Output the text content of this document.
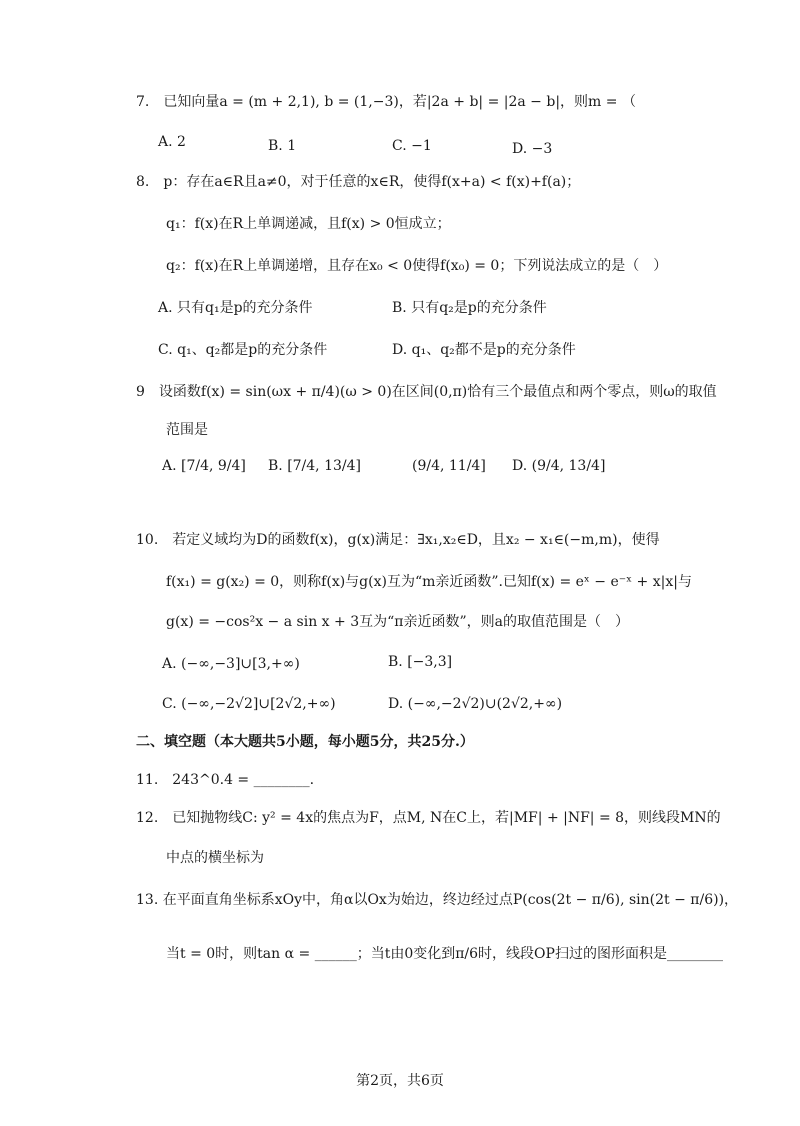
7.　已知向量a = (m + 2,1), b = (1,−3)，若|2a + b| = |2a − b|，则m = （
A. 2	B. 1	C. −1	D. −3
8.　p：存在a∈R且a≠0，对于任意的x∈R，使得f(x+a) < f(x)+f(a)；
q₁：f(x)在R上单调递减，且f(x) > 0恒成立；
q₂：f(x)在R上单调递增，且存在x₀ < 0使得f(x₀) = 0；下列说法成立的是（　）
A. 只有q₁是p的充分条件	B. 只有q₂是p的充分条件
C. q₁、q₂都是p的充分条件	D. q₁、q₂都不是p的充分条件
9　设函数f(x) = sin(ωx + π/4)(ω > 0)在区间(0,π)恰有三个最值点和两个零点，则ω的取值
范围是
A. [7/4, 9/4] B. [7/4, 13/4]	(9/4, 11/4] D. (9/4, 13/4]
10.　若定义域均为D的函数f(x)，g(x)满足：∃x₁,x₂∈D，且x₂ − x₁∈(−m,m)，使得
f(x₁) = g(x₂) = 0，则称f(x)与g(x)互为“m亲近函数”.已知f(x) = eˣ − e⁻ˣ + x|x|与
g(x) = −cos²x − a sin x + 3互为“π亲近函数”，则a的取值范围是（　）
A. (−∞,−3]∪[3,+∞)	B. [−3,3]
C. (−∞,−2√2]∪[2√2,+∞)	D. (−∞,−2√2)∪(2√2,+∞)
二、填空题（本大题共5小题，每小题5分，共25分.）
11.　243^0.4 = ________.
12.　已知抛物线C: y² = 4x的焦点为F，点M, N在C上，若|MF| + |NF| = 8，则线段MN的
中点的横坐标为
13. 在平面直角坐标系xOy中，角α以Ox为始边，终边经过点P(cos(2t − π/6), sin(2t − π/6))，
当t = 0时，则tan α = ______；当t由0变化到π/6时，线段OP扫过的图形面积是________
第2页，共6页
